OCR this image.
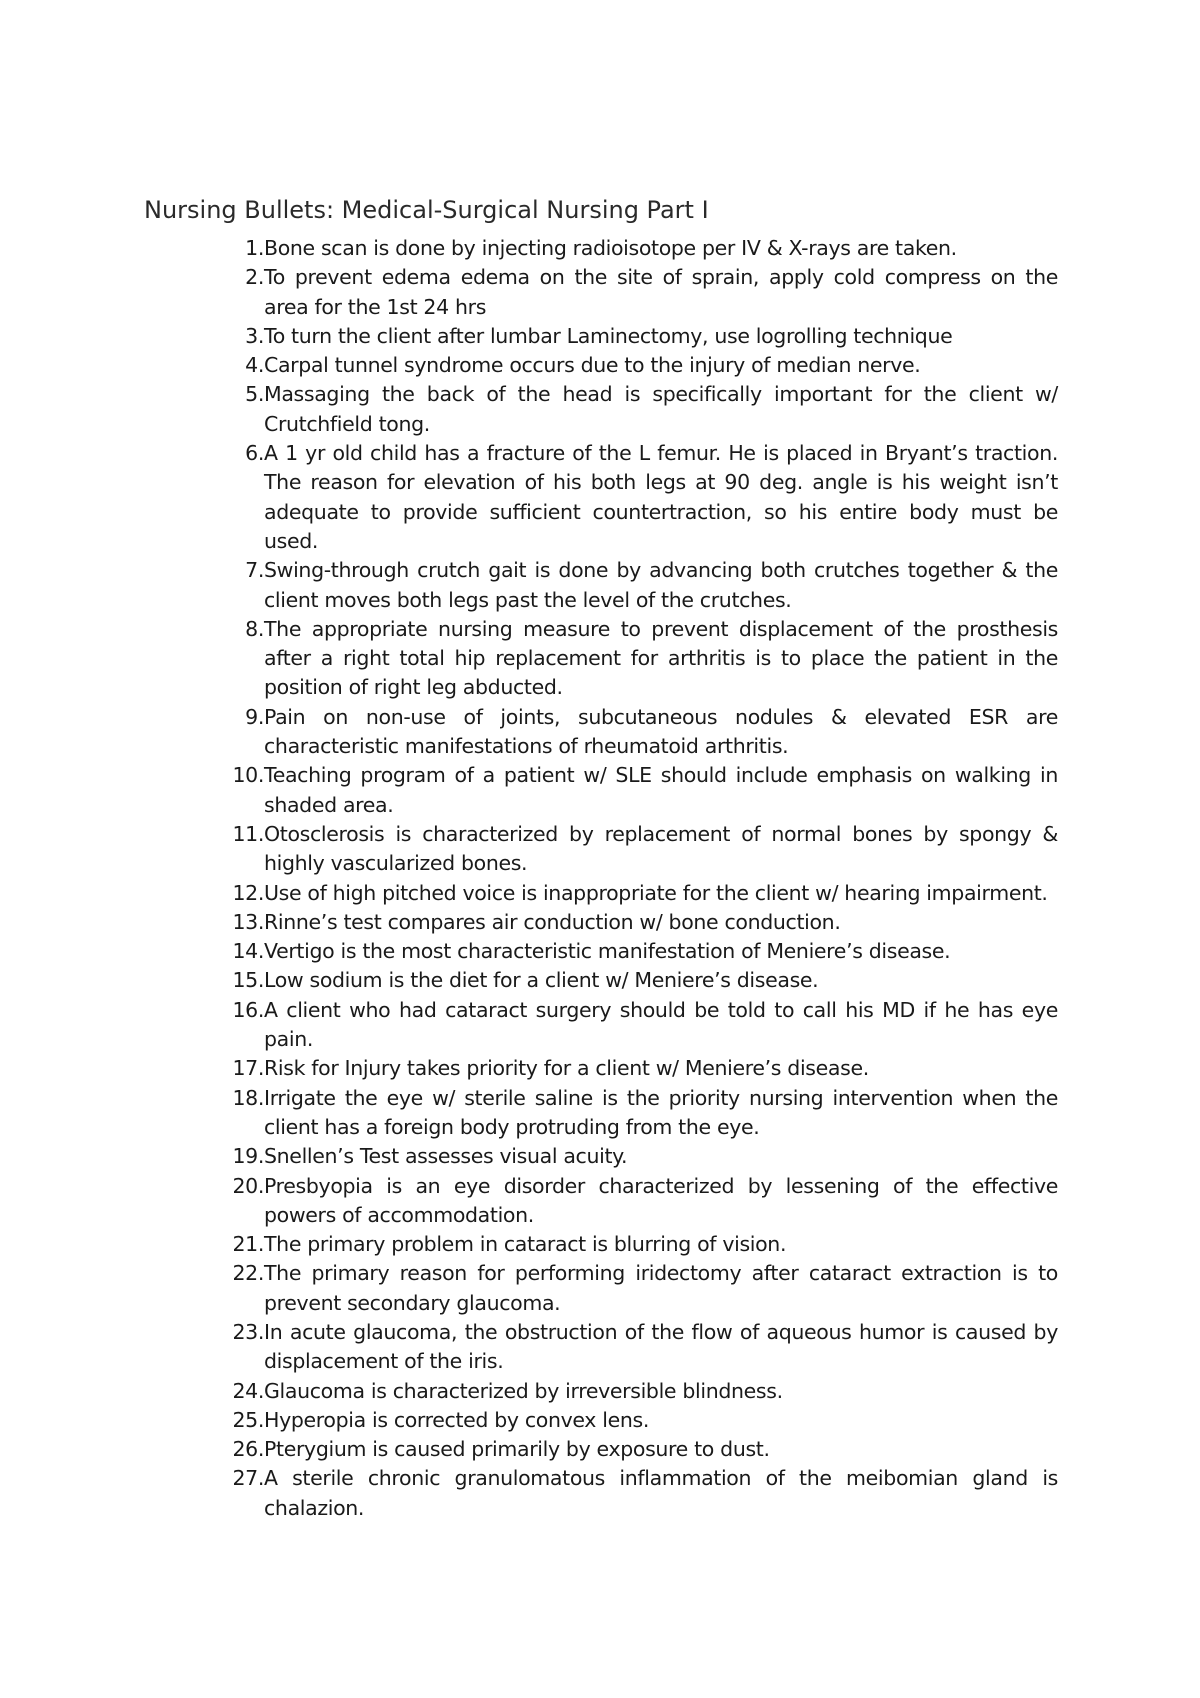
Nursing Bullets: Medical-Surgical Nursing Part I
1. Bone scan is done by injecting radioisotope per IV & X-rays are taken.
2. To prevent edema edema on the site of sprain, apply cold compress on the area for the 1st 24 hrs
3. To turn the client after lumbar Laminectomy, use logrolling technique
4. Carpal tunnel syndrome occurs due to the injury of median nerve.
5. Massaging the back of the head is specifically important for the client w/ Crutchfield tong.
6. A 1 yr old child has a fracture of the L femur. He is placed in Bryant’s traction. The reason for elevation of his both legs at 90 deg. angle is his weight isn’t adequate to provide sufficient countertraction, so his entire body must be used.
7. Swing-through crutch gait is done by advancing both crutches together & the client moves both legs past the level of the crutches.
8. The appropriate nursing measure to prevent displacement of the prosthesis after a right total hip replacement for arthritis is to place the patient in the position of right leg abducted.
9. Pain on non-use of joints, subcutaneous nodules & elevated ESR are characteristic manifestations of rheumatoid arthritis.
10. Teaching program of a patient w/ SLE should include emphasis on walking in shaded area.
11. Otosclerosis is characterized by replacement of normal bones by spongy & highly vascularized bones.
12. Use of high pitched voice is inappropriate for the client w/ hearing impairment.
13. Rinne’s test compares air conduction w/ bone conduction.
14. Vertigo is the most characteristic manifestation of Meniere’s disease.
15. Low sodium is the diet for a client w/ Meniere’s disease.
16. A client who had cataract surgery should be told to call his MD if he has eye pain.
17. Risk for Injury takes priority for a client w/ Meniere’s disease.
18. Irrigate the eye w/ sterile saline is the priority nursing intervention when the client has a foreign body protruding from the eye.
19. Snellen’s Test assesses visual acuity.
20. Presbyopia is an eye disorder characterized by lessening of the effective powers of accommodation.
21. The primary problem in cataract is blurring of vision.
22. The primary reason for performing iridectomy after cataract extraction is to prevent secondary glaucoma.
23. In acute glaucoma, the obstruction of the flow of aqueous humor is caused by displacement of the iris.
24. Glaucoma is characterized by irreversible blindness.
25. Hyperopia is corrected by convex lens.
26. Pterygium is caused primarily by exposure to dust.
27. A sterile chronic granulomatous inflammation of the meibomian gland is chalazion.
